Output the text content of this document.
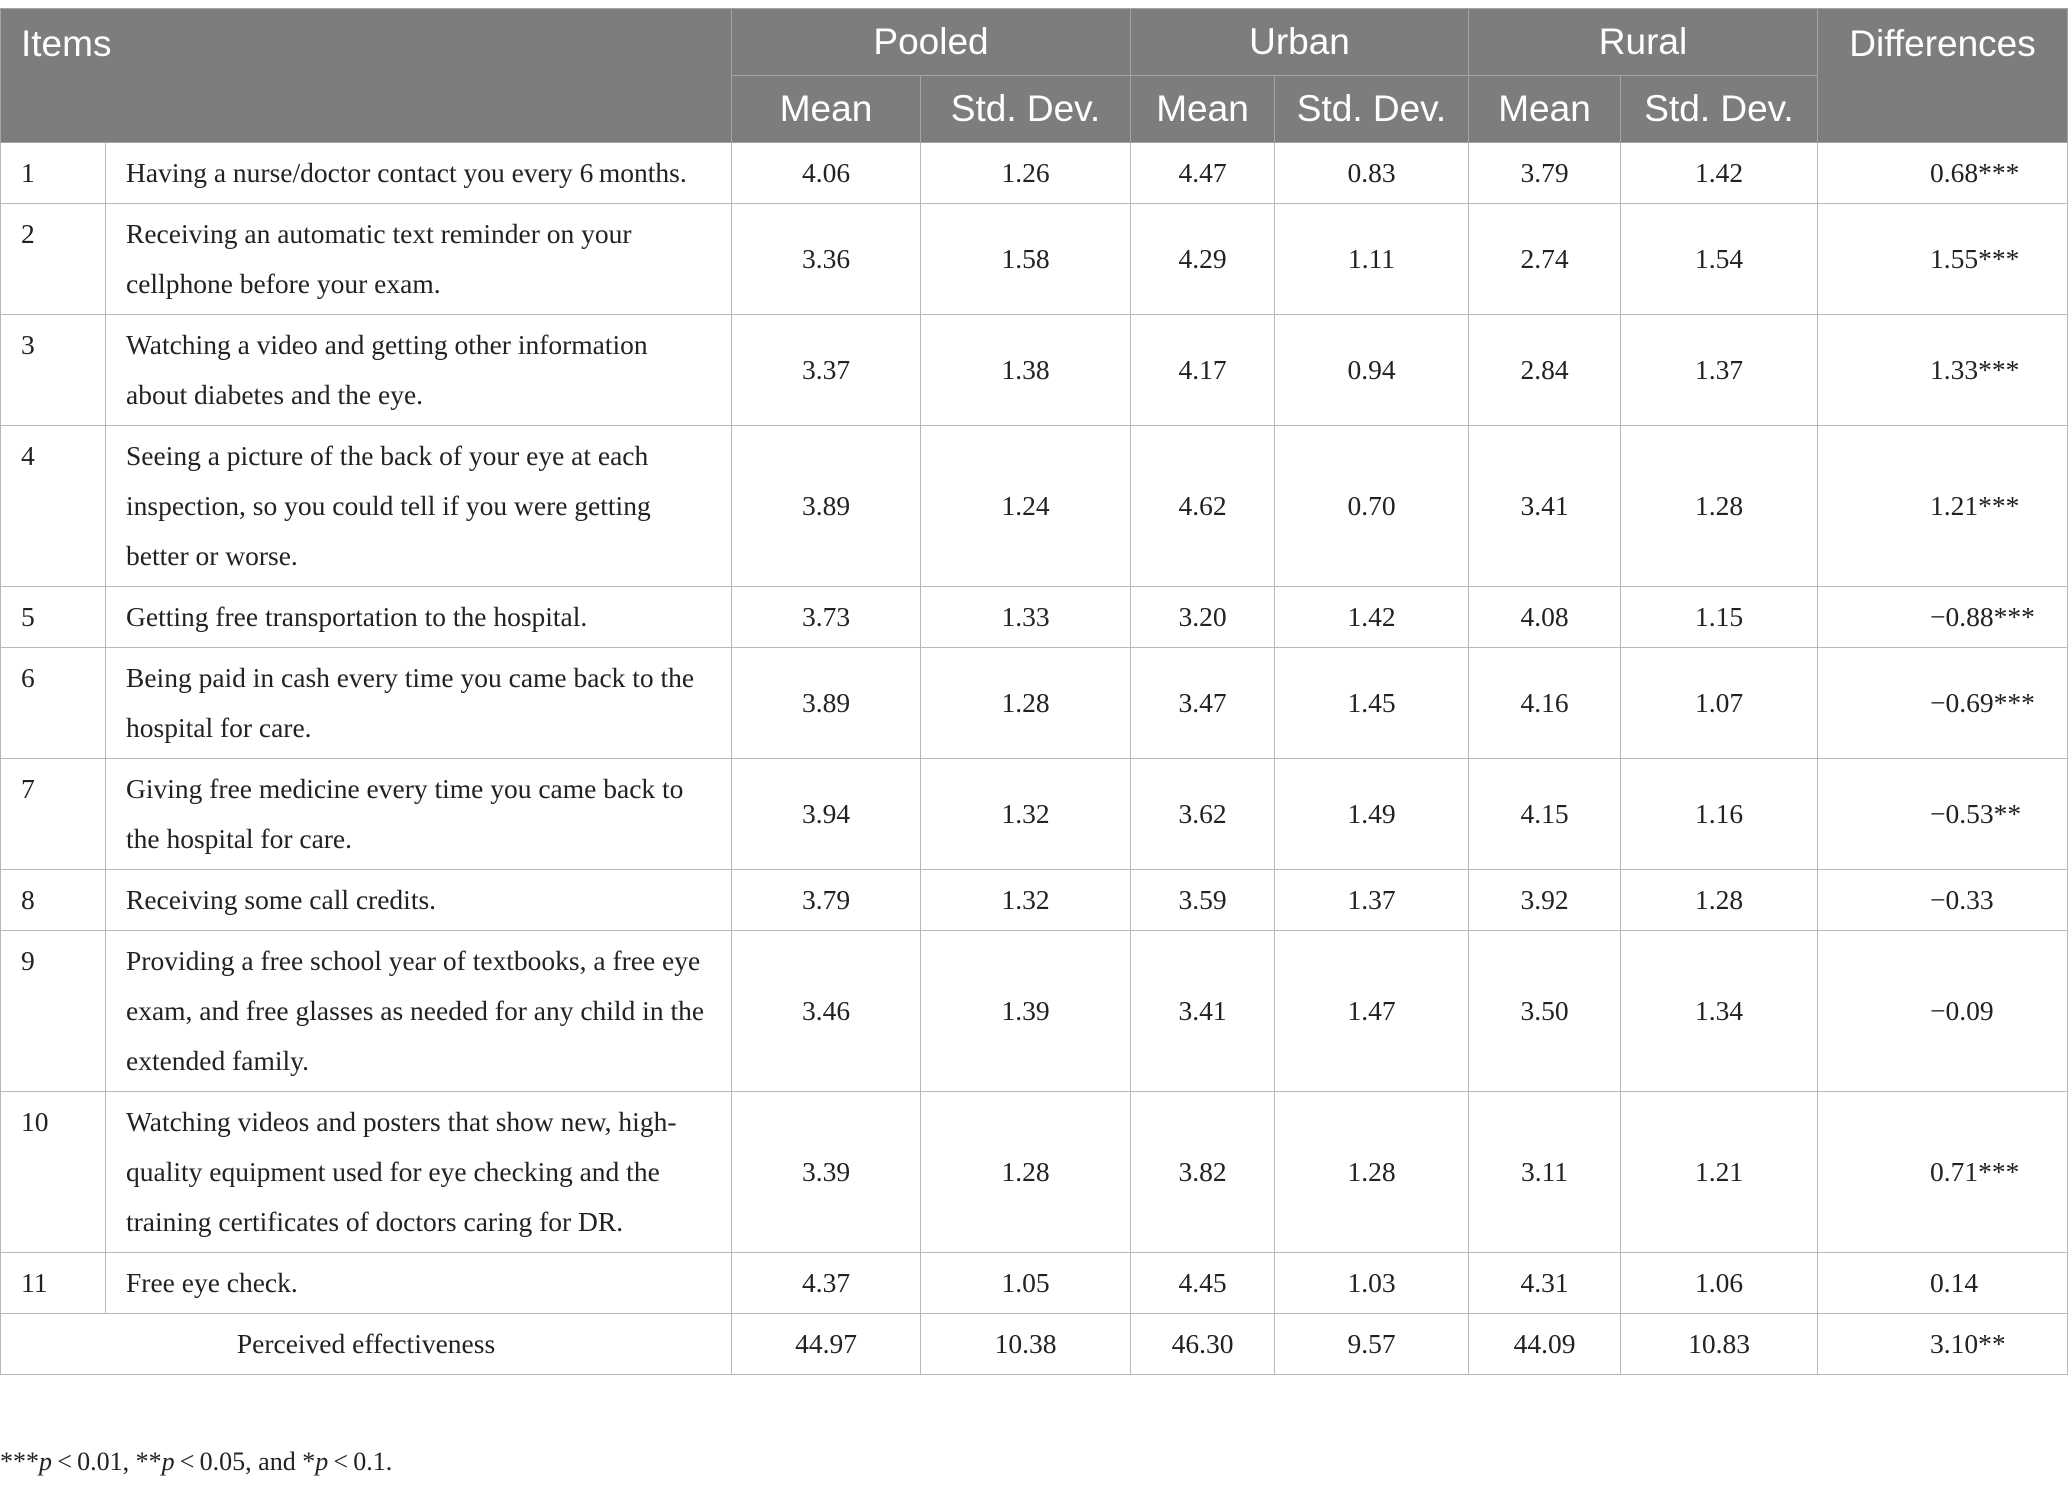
Items		Pooled		Urban		Rural		Differences
		Mean	Std. Dev.	Mean	Std. Dev.	Mean	Std. Dev.	
1	Having a nurse/doctor contact you every 6 months.	4.06	1.26	4.47	0.83	3.79	1.42	0.68***
2	Receiving an automatic text reminder on your cellphone before your exam.	3.36	1.58	4.29	1.11	2.74	1.54	1.55***
3	Watching a video and getting other information about diabetes and the eye.	3.37	1.38	4.17	0.94	2.84	1.37	1.33***
4	Seeing a picture of the back of your eye at each inspection, so you could tell if you were getting better or worse.	3.89	1.24	4.62	0.70	3.41	1.28	1.21***
5	Getting free transportation to the hospital.	3.73	1.33	3.20	1.42	4.08	1.15	−0.88***
6	Being paid in cash every time you came back to the hospital for care.	3.89	1.28	3.47	1.45	4.16	1.07	−0.69***
7	Giving free medicine every time you came back to the hospital for care.	3.94	1.32	3.62	1.49	4.15	1.16	−0.53**
8	Receiving some call credits.	3.79	1.32	3.59	1.37	3.92	1.28	−0.33
9	Providing a free school year of textbooks, a free eye exam, and free glasses as needed for any child in the extended family.	3.46	1.39	3.41	1.47	3.50	1.34	−0.09
10	Watching videos and posters that show new, high-quality equipment used for eye checking and the training certificates of doctors caring for DR.	3.39	1.28	3.82	1.28	3.11	1.21	0.71***
11	Free eye check.	4.37	1.05	4.45	1.03	4.31	1.06	0.14
Perceived effectiveness		44.97	10.38	46.30	9.57	44.09	10.83	3.10**
***p < 0.01, **p < 0.05, and *p < 0.1.
